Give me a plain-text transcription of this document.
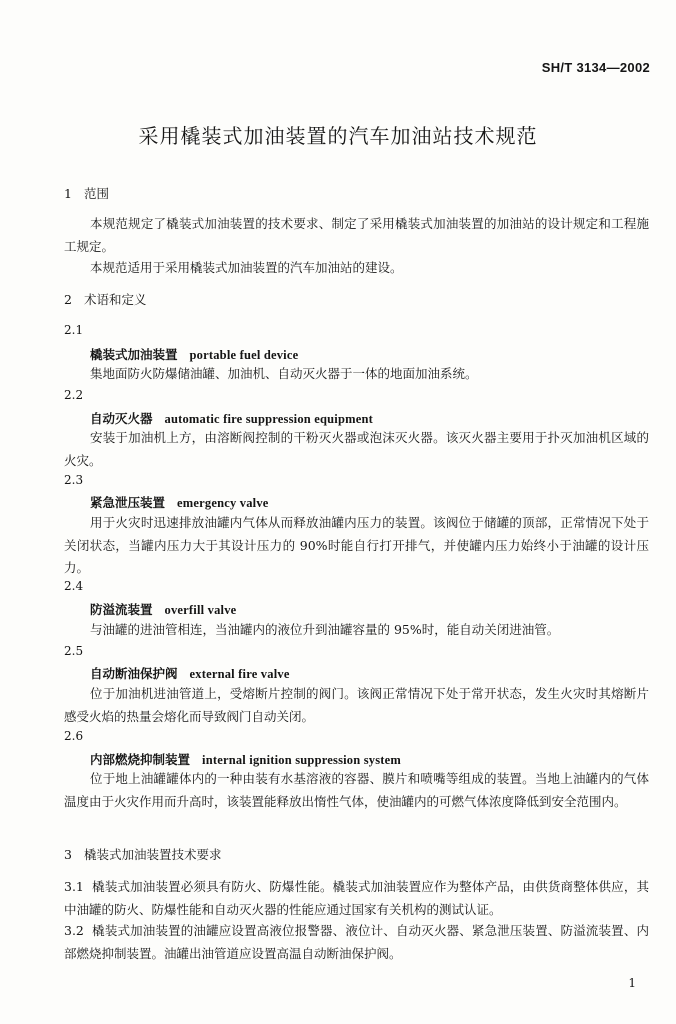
SH/T 3134—2002
采用橇装式加油装置的汽车加油站技术规范
1 范围
本规范规定了橇装式加油装置的技术要求、制定了采用橇装式加油装置的加油站的设计规定和工程施工规定。
本规范适用于采用橇装式加油装置的汽车加油站的建设。
2 术语和定义
2.1
橇装式加油装置 portable fuel device
集地面防火防爆储油罐、加油机、自动灭火器于一体的地面加油系统。
2.2
自动灭火器 automatic fire suppression equipment
安装于加油机上方，由溶断阀控制的干粉灭火器或泡沫灭火器。该灭火器主要用于扑灭加油机区域的火灾。
2.3
紧急泄压装置 emergency valve
用于火灾时迅速排放油罐内气体从而释放油罐内压力的装置。该阀位于储罐的顶部，正常情况下处于关闭状态，当罐内压力大于其设计压力的 90%时能自行打开排气，并使罐内压力始终小于油罐的设计压力。
2.4
防溢流装置 overfill valve
与油罐的进油管相连，当油罐内的液位升到油罐容量的 95%时，能自动关闭进油管。
2.5
自动断油保护阀 external fire valve
位于加油机进油管道上，受熔断片控制的阀门。该阀正常情况下处于常开状态，发生火灾时其熔断片感受火焰的热量会熔化而导致阀门自动关闭。
2.6
内部燃烧抑制装置 internal ignition suppression system
位于地上油罐罐体内的一种由装有水基溶液的容器、膜片和喷嘴等组成的装置。当地上油罐内的气体温度由于火灾作用而升高时，该装置能释放出惰性气体，使油罐内的可燃气体浓度降低到安全范围内。
3 橇装式加油装置技术要求
3.1 橇装式加油装置必须具有防火、防爆性能。橇装式加油装置应作为整体产品，由供货商整体供应，其中油罐的防火、防爆性能和自动灭火器的性能应通过国家有关机构的测试认证。
3.2 橇装式加油装置的油罐应设置高液位报警器、液位计、自动灭火器、紧急泄压装置、防溢流装置、内部燃烧抑制装置。油罐出油管道应设置高温自动断油保护阀。
1
